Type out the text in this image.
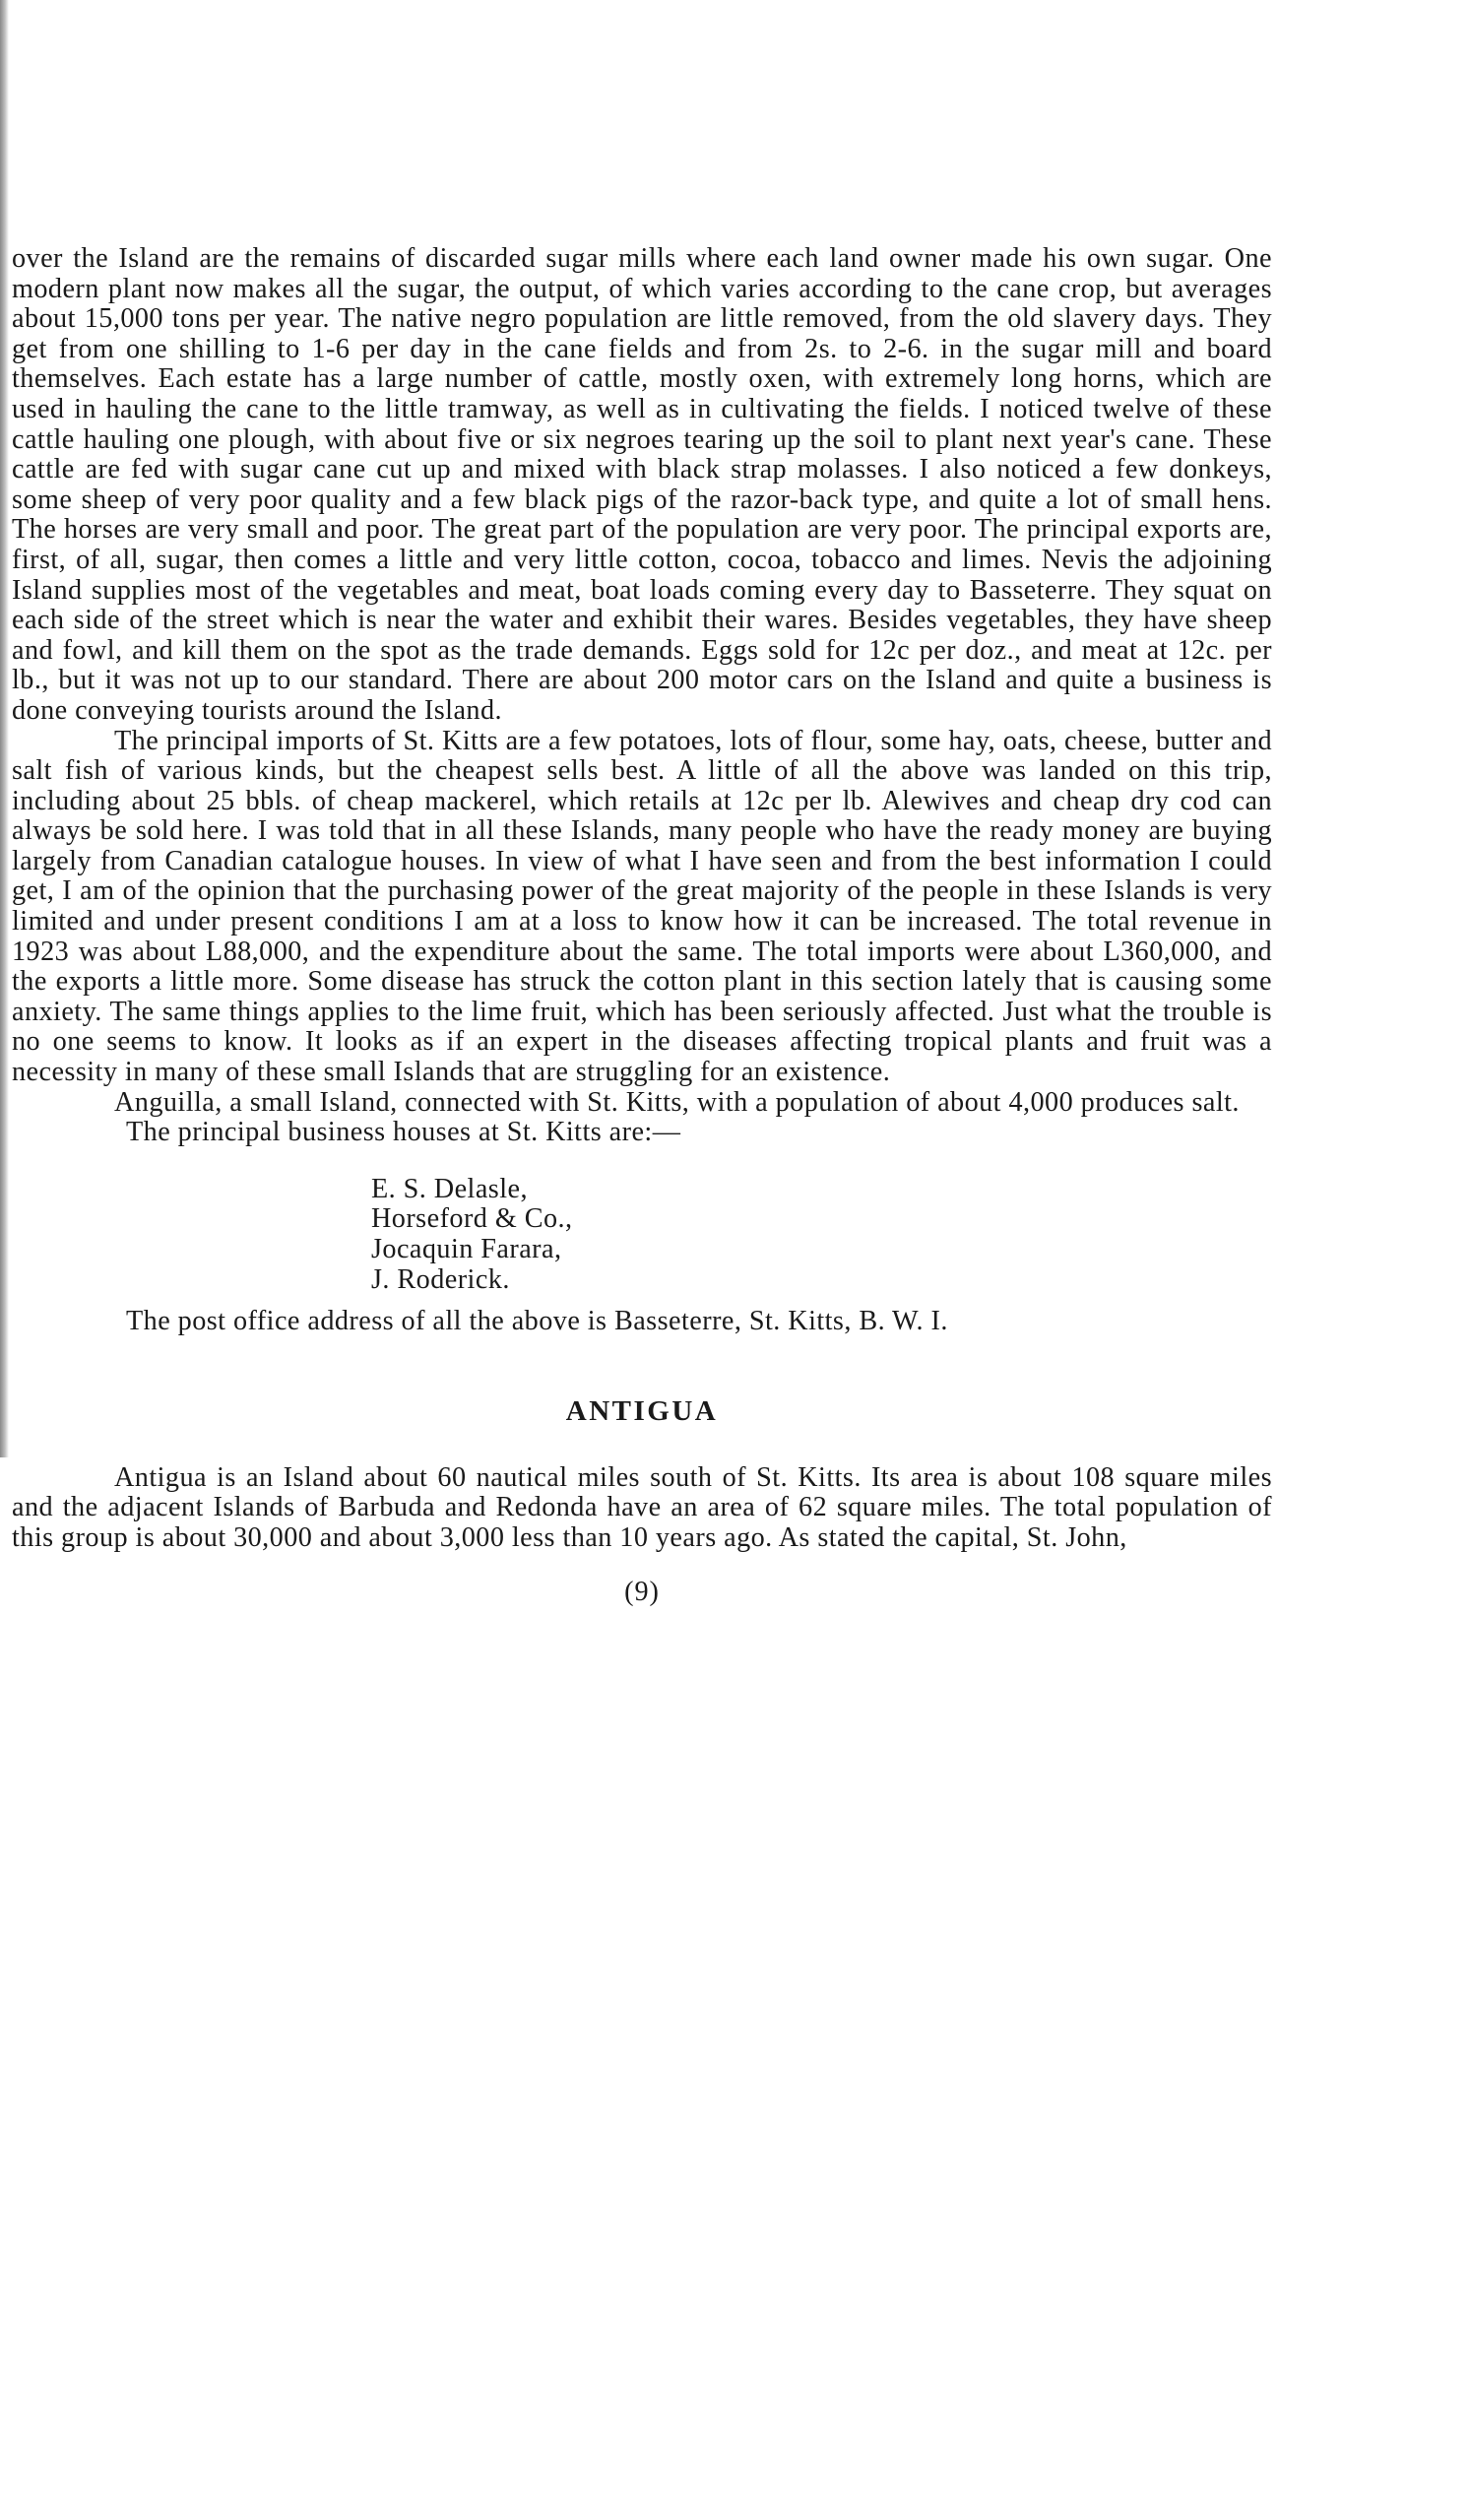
over the Island are the remains of discarded sugar mills where each land owner made his own sugar. One modern plant now makes all the sugar, the output, of which varies according to the cane crop, but averages about 15,000 tons per year. The native negro population are little removed, from the old slavery days. They get from one shilling to 1-6 per day in the cane fields and from 2s. to 2-6. in the sugar mill and board themselves. Each estate has a large number of cattle, mostly oxen, with extremely long horns, which are used in hauling the cane to the little tramway, as well as in cultivating the fields. I noticed twelve of these cattle hauling one plough, with about five or six negroes tearing up the soil to plant next year's cane. These cattle are fed with sugar cane cut up and mixed with black strap molasses. I also noticed a few donkeys, some sheep of very poor quality and a few black pigs of the razor-back type, and quite a lot of small hens. The horses are very small and poor. The great part of the population are very poor. The principal exports are, first, of all, sugar, then comes a little and very little cotton, cocoa, tobacco and limes. Nevis the adjoining Island supplies most of the vegetables and meat, boat loads coming every day to Basseterre. They squat on each side of the street which is near the water and exhibit their wares. Besides vegetables, they have sheep and fowl, and kill them on the spot as the trade demands. Eggs sold for 12c per doz., and meat at 12c. per lb., but it was not up to our standard. There are about 200 motor cars on the Island and quite a business is done conveying tourists around the Island.

The principal imports of St. Kitts are a few potatoes, lots of flour, some hay, oats, cheese, butter and salt fish of various kinds, but the cheapest sells best. A little of all the above was landed on this trip, including about 25 bbls. of cheap mackerel, which retails at 12c per lb. Alewives and cheap dry cod can always be sold here. I was told that in all these Islands, many people who have the ready money are buying largely from Canadian catalogue houses. In view of what I have seen and from the best information I could get, I am of the opinion that the purchasing power of the great majority of the people in these Islands is very limited and under present conditions I am at a loss to know how it can be increased. The total revenue in 1923 was about L88,000, and the expenditure about the same. The total imports were about L360,000, and the exports a little more. Some disease has struck the cotton plant in this section lately that is causing some anxiety. The same things applies to the lime fruit, which has been seriously affected. Just what the trouble is no one seems to know. It looks as if an expert in the diseases affecting tropical plants and fruit was a necessity in many of these small Islands that are struggling for an existence.

Anguilla, a small Island, connected with St. Kitts, with a population of about 4,000 produces salt.

The principal business houses at St. Kitts are:—

E. S. Delasle,
Horseford & Co.,
Jocaquin Farara,
J. Roderick.

The post office address of all the above is Basseterre, St. Kitts, B. W. I.

ANTIGUA

Antigua is an Island about 60 nautical miles south of St. Kitts. Its area is about 108 square miles and the adjacent Islands of Barbuda and Redonda have an area of 62 square miles. The total population of this group is about 30,000 and about 3,000 less than 10 years ago. As stated the capital, St. John,

(9)
